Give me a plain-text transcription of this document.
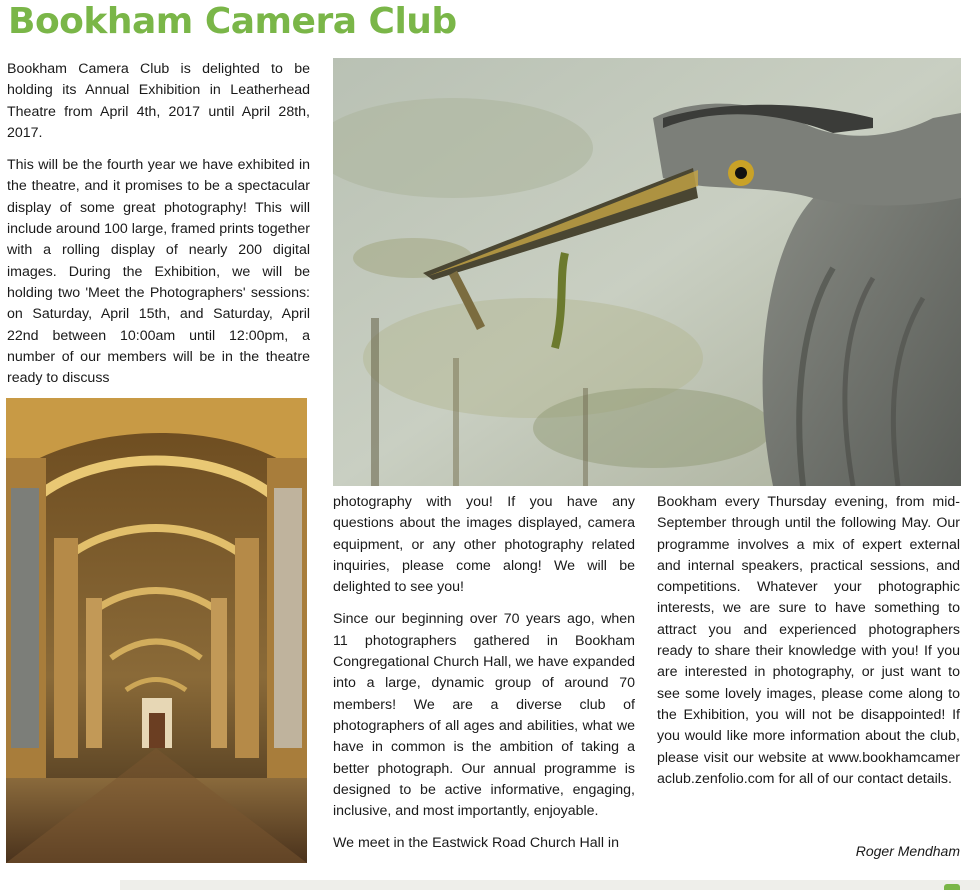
Bookham Camera Club

Bookham Camera Club is delighted to be holding its Annual Exhibition in Leatherhead Theatre from April 4th, 2017 until April 28th, 2017.

This will be the fourth year we have exhibited in the theatre, and it promises to be a spectacular display of some great photography! This will include around 100 large, framed prints together with a rolling display of nearly 200 digital images. During the Exhibition, we will be holding two 'Meet the Photographers' sessions: on Saturday, April 15th, and Saturday, April 22nd between 10:00am until 12:00pm, a number of our members will be in the theatre ready to discuss

photography with you! If you have any questions about the images displayed, camera equipment, or any other photography related inquiries, please come along! We will be delighted to see you!

Since our beginning over 70 years ago, when 11 photographers gathered in Bookham Congregational Church Hall, we have expanded into a large, dynamic group of around 70 members! We are a diverse club of photographers of all ages and abilities, what we have in common is the ambition of taking a better photograph. Our annual programme is designed to be active informative, engaging, inclusive, and most importantly, enjoyable.

We meet in the Eastwick Road Church Hall in

Bookham every Thursday evening, from mid-September through until the following May. Our programme involves a mix of expert external and internal speakers, practical sessions, and competitions. Whatever your photographic interests, we are sure to have something to attract you and experienced photographers ready to share their knowledge with you! If you are interested in photography, or just want to see some lovely images, please come along to the Exhibition, you will not be disappointed! If you would like more information about the club, please visit our website at www.bookhamcameraclub.zenfolio.com for all of our contact details.

Roger Mendham
